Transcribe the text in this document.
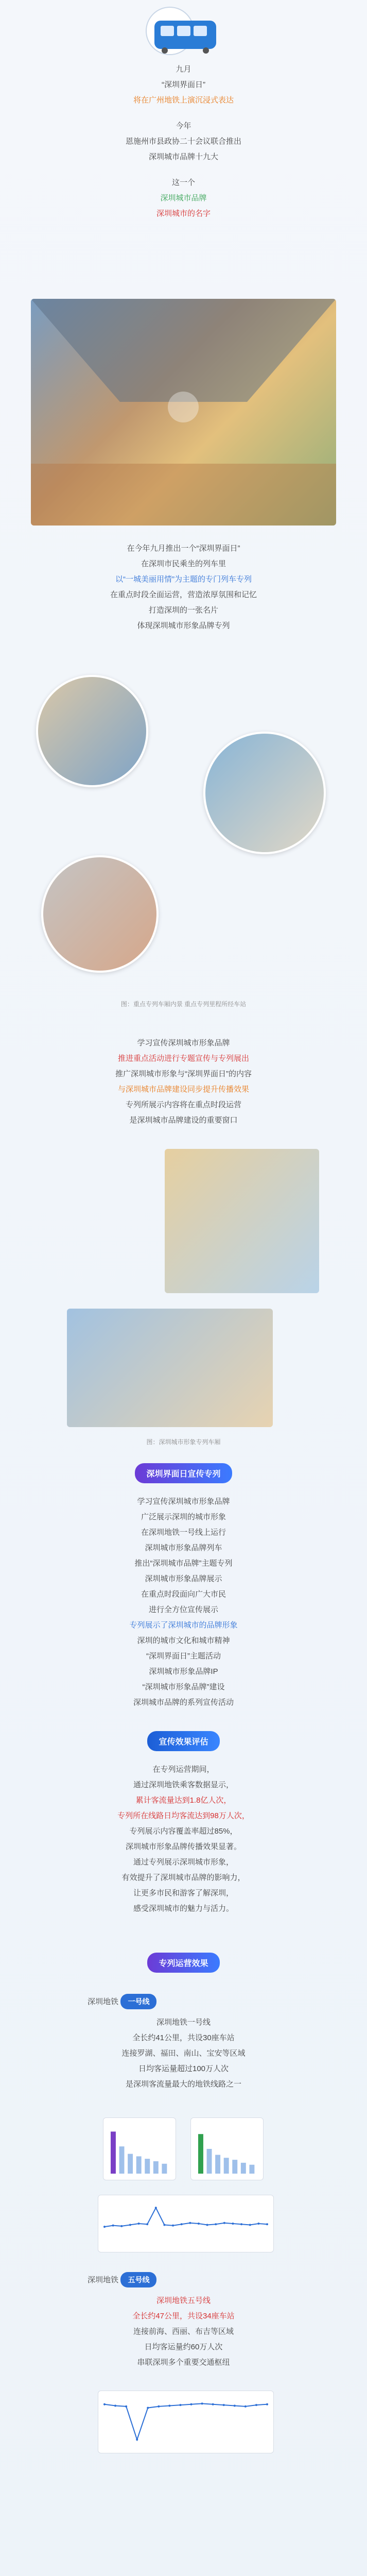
九月
“深圳界面日”
将在广州地铁上演沉浸式表达
今年
恩施州市县政协二十会议联合推出
深圳城市品牌十九大
这一个
深圳城市品牌
深圳城市的名字
在今年九月推出一个“深圳界面日”
在深圳市民乘坐的列车里
以“一城美丽用情”为主题的专门列车专列
在重点时段全面运营，营造浓厚氛围和记忆
打造深圳的一张名片
体现深圳城市形象品牌专列
图：重点专列车厢内景 重点专列里程所经车站
学习宣传深圳城市形象品牌
推进重点活动进行专题宣传与专列展出
推广深圳城市形象与“深圳界面日”的内容
与深圳城市品牌建设同步提升传播效果
专列所展示内容将在重点时段运营
是深圳城市品牌建设的重要窗口
图：深圳城市形象专列车厢
深圳界面日宣传专列
学习宣传深圳城市形象品牌
广泛展示深圳的城市形象
在深圳地铁一号线上运行
深圳城市形象品牌列车
推出“深圳城市品牌”主题专列
深圳城市形象品牌展示
在重点时段面向广大市民
进行全方位宣传展示
专列展示了深圳城市的品牌形象
深圳的城市文化和城市精神
“深圳界面日”主题活动
深圳城市形象品牌IP
“深圳城市形象品牌”建设
深圳城市品牌的系列宣传活动
宣传效果评估
在专列运营期间，
通过深圳地铁乘客数据显示，
累计客流量达到1.8亿人次，
专列所在线路日均客流达到98万人次，
专列展示内容覆盖率超过85%，
深圳城市形象品牌传播效果显著。
通过专列展示深圳城市形象，
有效提升了深圳城市品牌的影响力，
让更多市民和游客了解深圳，
感受深圳城市的魅力与活力。
专列运营效果
深圳地铁 一号线
深圳地铁一号线
全长约41公里，共设30座车站
连接罗湖、福田、南山、宝安等区域
日均客运量超过100万人次
是深圳客流量最大的地铁线路之一
深圳地铁 五号线
深圳地铁五号线
全长约47公里，共设34座车站
连接前海、西丽、布吉等区域
日均客运量约60万人次
串联深圳多个重要交通枢纽
